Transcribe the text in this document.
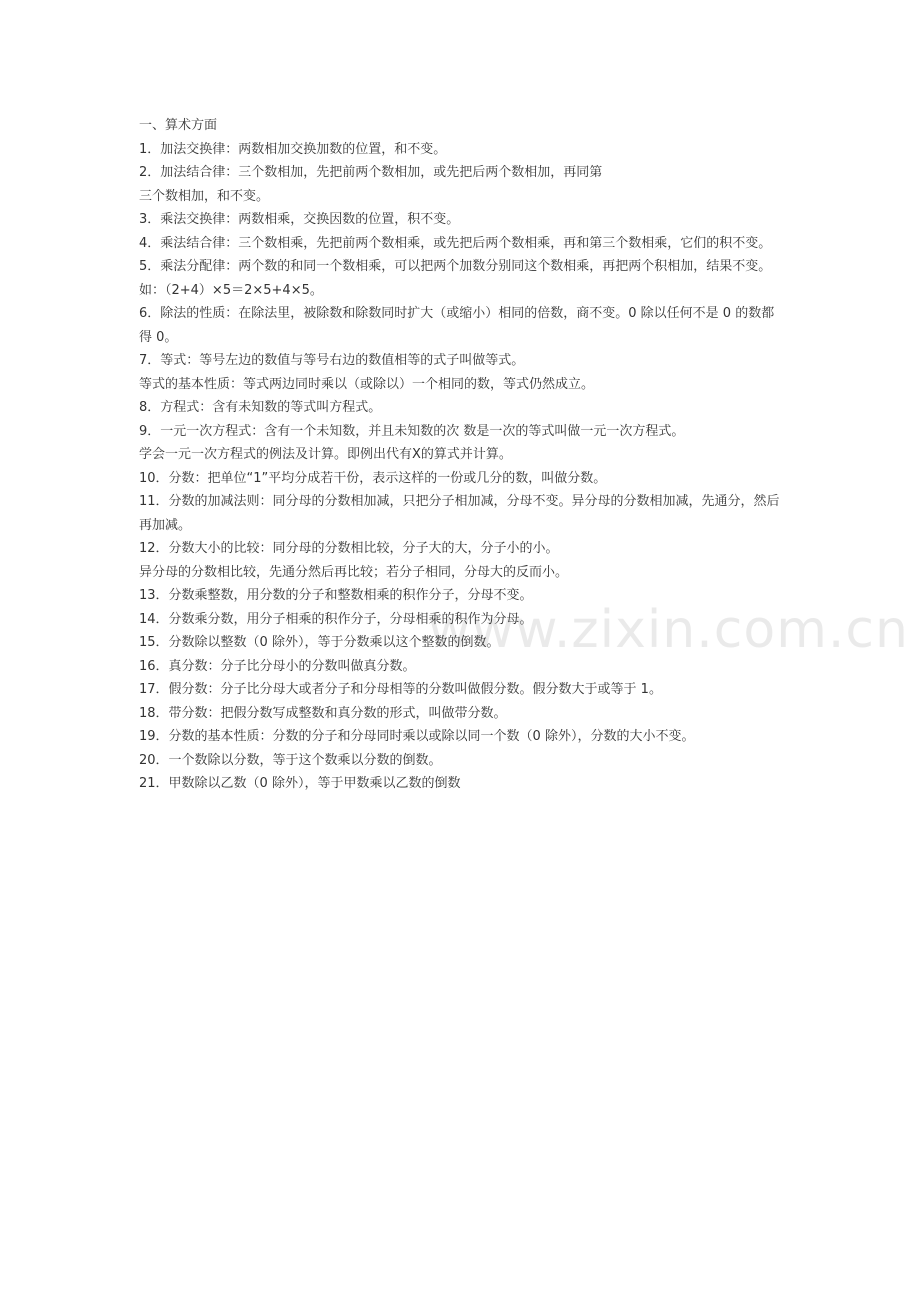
www.zixin.com.cn
一、算术方面
1．加法交换律：两数相加交换加数的位置，和不变。
2．加法结合律：三个数相加，先把前两个数相加，或先把后两个数相加，再同第
三个数相加，和不变。
3．乘法交换律：两数相乘，交换因数的位置，积不变。
4．乘法结合律：三个数相乘，先把前两个数相乘，或先把后两个数相乘，再和第三个数相乘，它们的积不变。
5．乘法分配律：两个数的和同一个数相乘，可以把两个加数分别同这个数相乘，再把两个积相加，结果不变。如：（2+4）×5＝2×5+4×5。
6．除法的性质：在除法里，被除数和除数同时扩大（或缩小）相同的倍数，商不变。0 除以任何不是 0 的数都得 0。
7．等式：等号左边的数值与等号右边的数值相等的式子叫做等式。
等式的基本性质：等式两边同时乘以（或除以）一个相同的数，等式仍然成立。
8．方程式：含有未知数的等式叫方程式。
9．一元一次方程式：含有一个未知数，并且未知数的次 数是一次的等式叫做一元一次方程式。
学会一元一次方程式的例法及计算。即例出代有X的算式并计算。
10．分数：把单位“1”平均分成若干份，表示这样的一份或几分的数，叫做分数。
11．分数的加减法则：同分母的分数相加减，只把分子相加减，分母不变。异分母的分数相加减，先通分，然后再加减。
12．分数大小的比较：同分母的分数相比较，分子大的大，分子小的小。
异分母的分数相比较，先通分然后再比较；若分子相同，分母大的反而小。
13．分数乘整数，用分数的分子和整数相乘的积作分子，分母不变。
14．分数乘分数，用分子相乘的积作分子，分母相乘的积作为分母。
15．分数除以整数（0 除外），等于分数乘以这个整数的倒数。
16．真分数：分子比分母小的分数叫做真分数。
17．假分数：分子比分母大或者分子和分母相等的分数叫做假分数。假分数大于或等于 1。
18．带分数：把假分数写成整数和真分数的形式，叫做带分数。
19．分数的基本性质：分数的分子和分母同时乘以或除以同一个数（0 除外），分数的大小不变。
20．一个数除以分数，等于这个数乘以分数的倒数。
21．甲数除以乙数（0 除外），等于甲数乘以乙数的倒数
